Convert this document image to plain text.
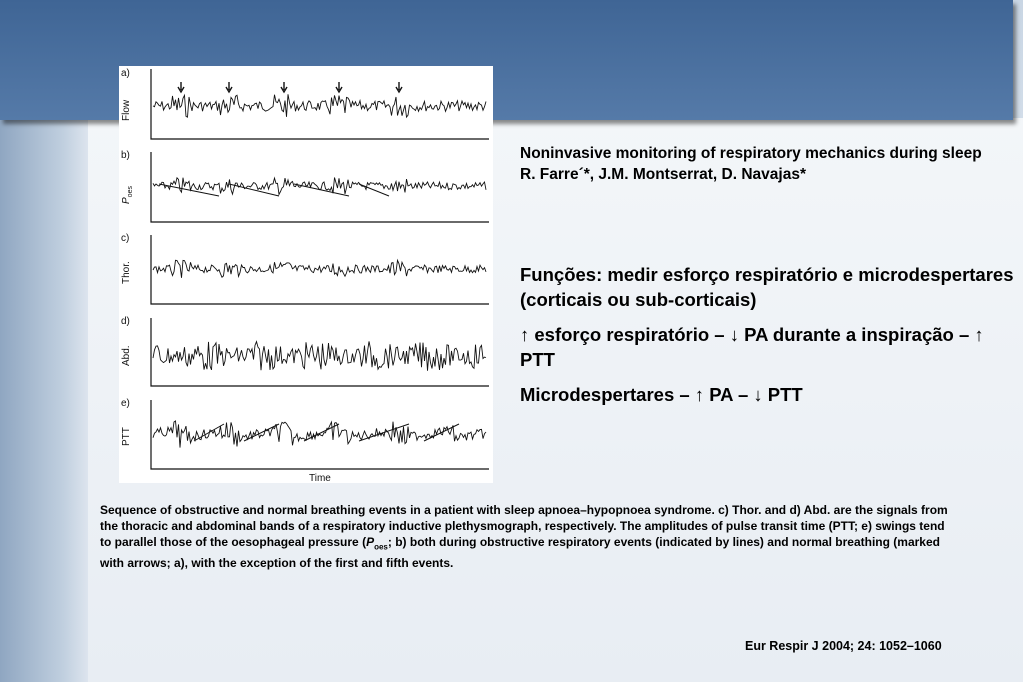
a)
Flow
b)
$P_{oes}$
c)
Thor.
d)
Abd.
e)
PTT
Time
Noninvasive monitoring of respiratory mechanics during sleep
R. Farre´*, J.M. Montserrat, D. Navajas*

Funções: medir esforço respiratório e microdespertares (corticais ou sub-corticais)

↑ esforço respiratório – ↓ PA durante a inspiração – ↑ PTT

Microdespertares – ↑ PA – ↓ PTT

Sequence of obstructive and normal breathing events in a patient with sleep apnoea–hypopnoea syndrome. c) Thor. and d) Abd. are the signals from the thoracic and abdominal bands of a respiratory inductive plethysmograph, respectively. The amplitudes of pulse transit time (PTT; e) swings tend to parallel those of the oesophageal pressure ($P_{oes}$; b) both during obstructive respiratory events (indicated by lines) and normal breathing (marked with arrows; a), with the exception of the first and fifth events.
Eur Respir J 2004; 24: 1052–1060
